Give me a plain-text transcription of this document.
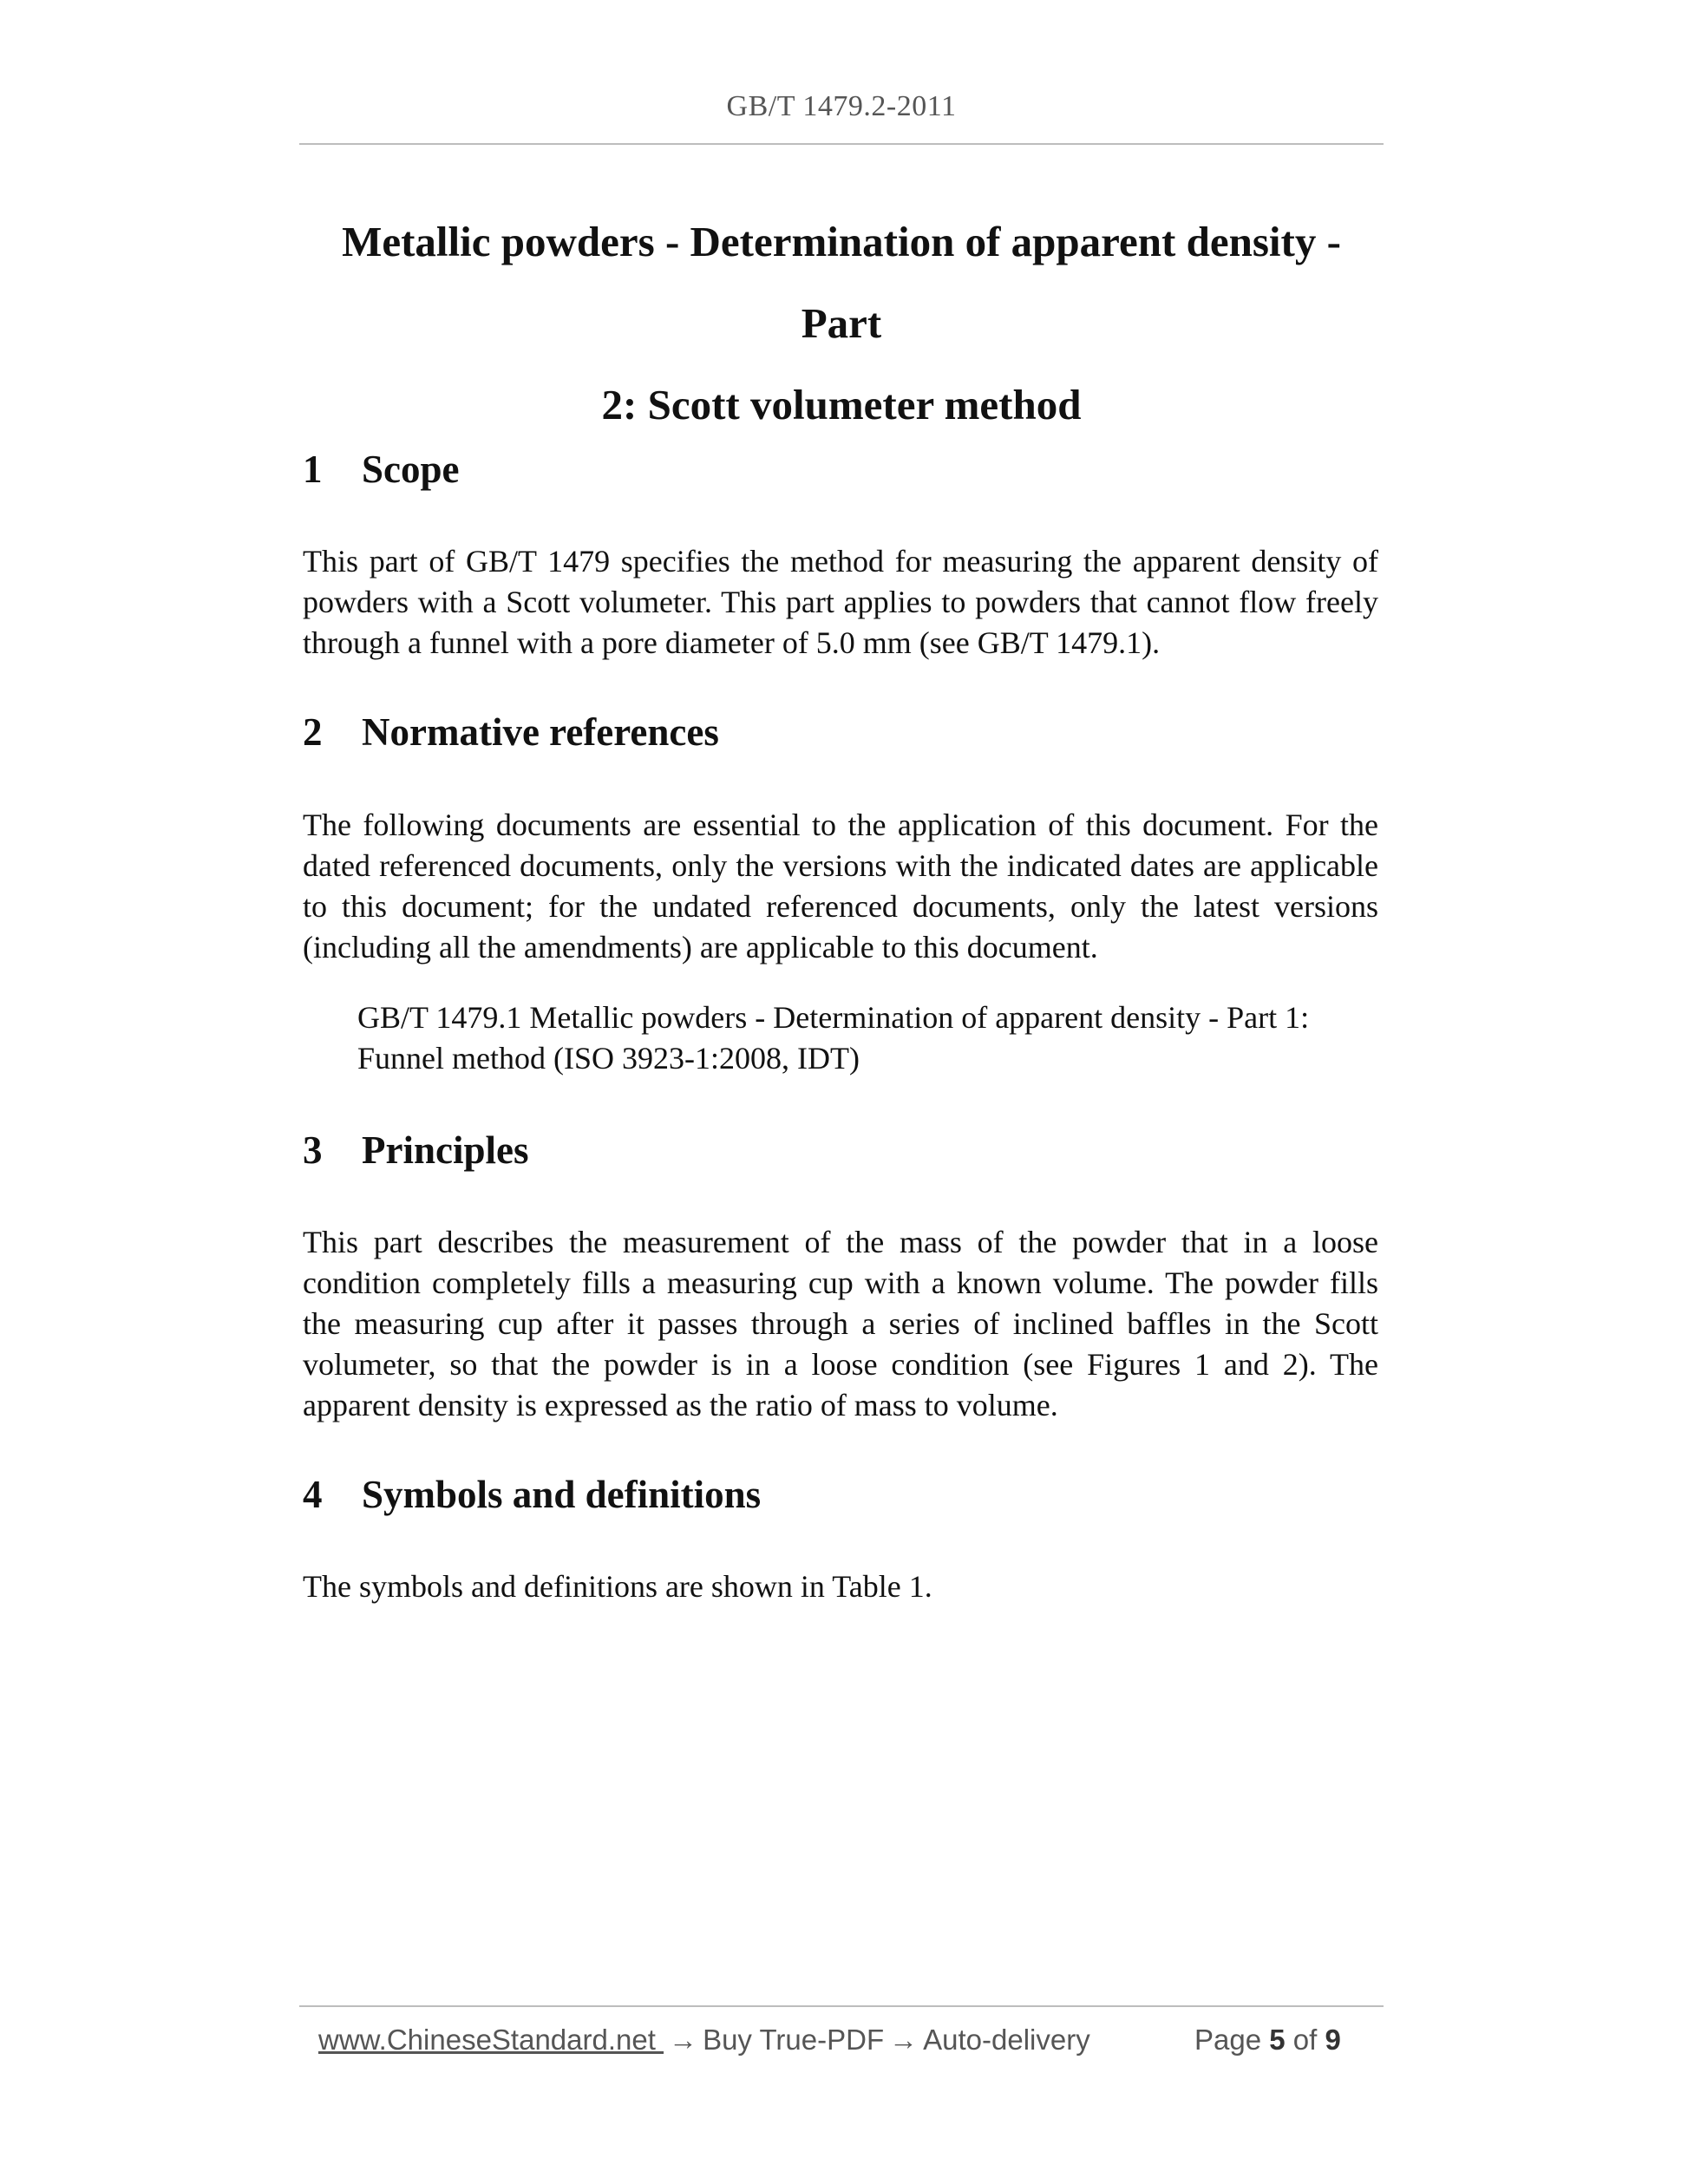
GB/T 1479.2-2011
Metallic powders - Determination of apparent density - Part
2: Scott volumeter method
1 Scope
This part of GB/T 1479 specifies the method for measuring the apparent density of powders with a Scott volumeter. This part applies to powders that cannot flow freely through a funnel with a pore diameter of 5.0 mm (see GB/T 1479.1).
2 Normative references
The following documents are essential to the application of this document. For the dated referenced documents, only the versions with the indicated dates are applicable to this document; for the undated referenced documents, only the latest versions (including all the amendments) are applicable to this document.
GB/T 1479.1 Metallic powders - Determination of apparent density - Part 1: Funnel method (ISO 3923-1:2008, IDT)
3 Principles
This part describes the measurement of the mass of the powder that in a loose condition completely fills a measuring cup with a known volume. The powder fills the measuring cup after it passes through a series of inclined baffles in the Scott volumeter, so that the powder is in a loose condition (see Figures 1 and 2). The apparent density is expressed as the ratio of mass to volume.
4 Symbols and definitions
The symbols and definitions are shown in Table 1.
www.ChineseStandard.net → Buy True-PDF → Auto-delivery	Page 5 of 9
